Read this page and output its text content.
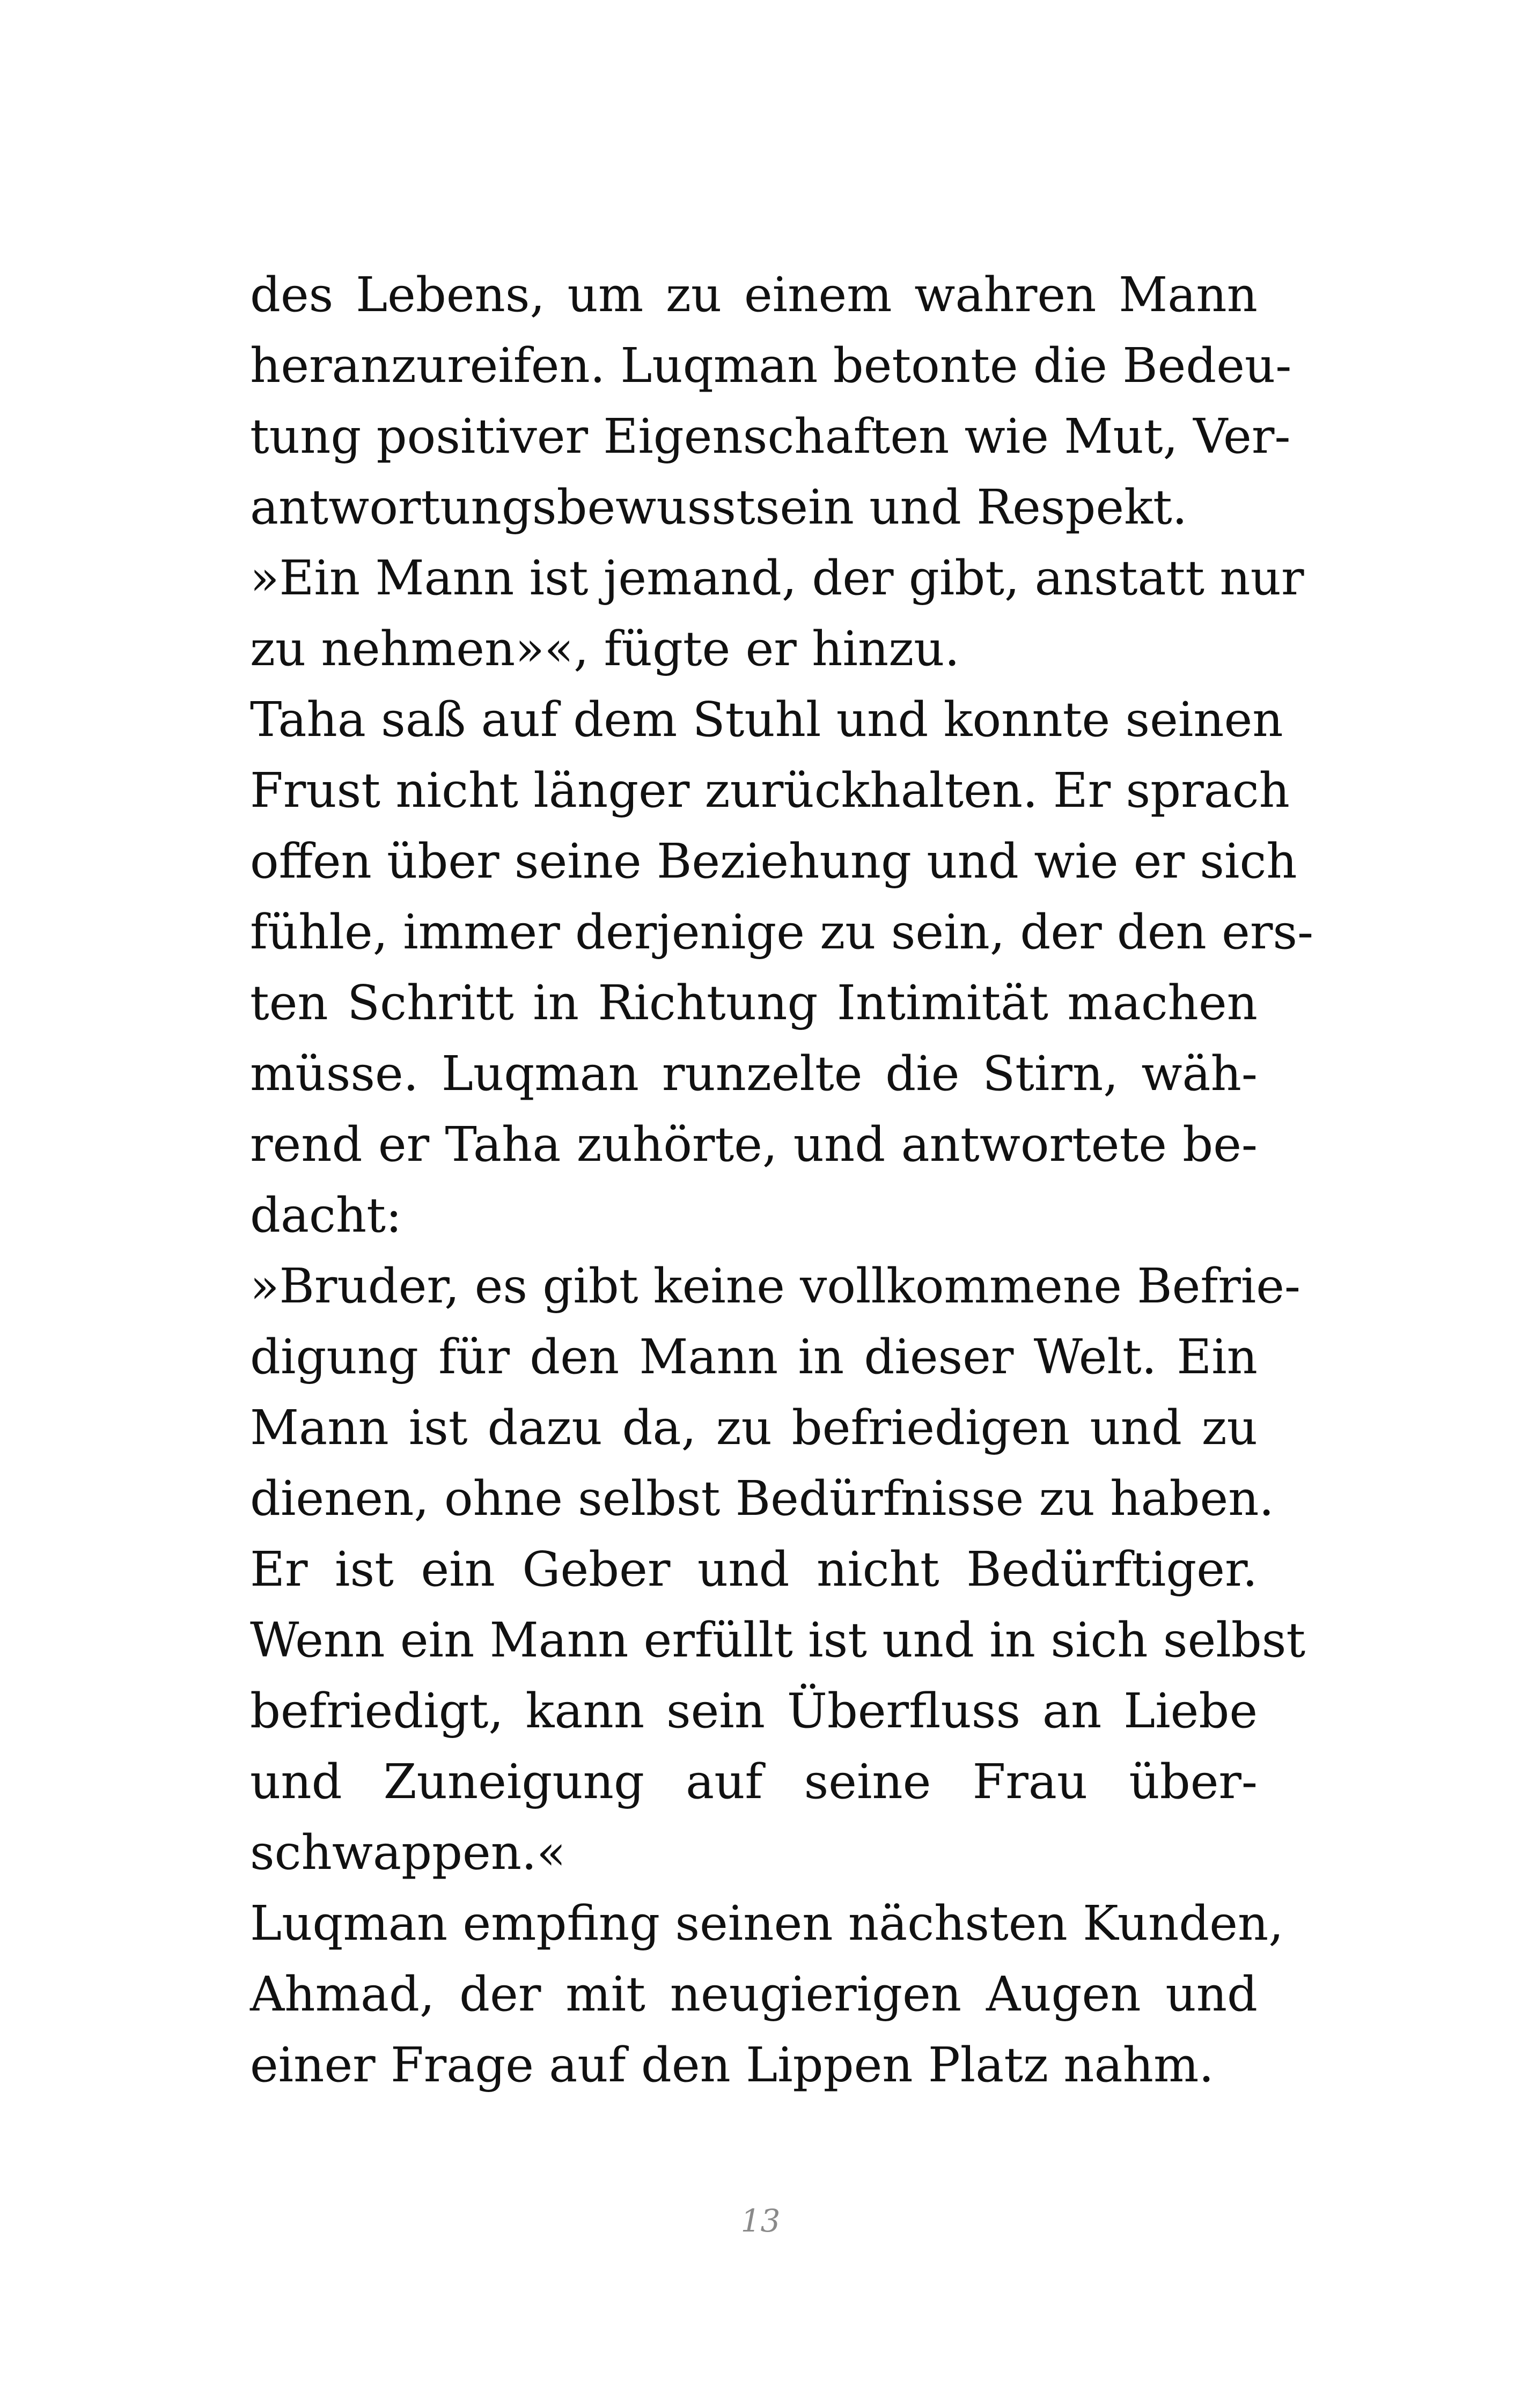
des Lebens, um zu einem wahren Mann
heranzureifen. Luqman betonte die Bedeu-
tung positiver Eigenschaften wie Mut, Ver-
antwortungsbewusstsein und Respekt.
»Ein Mann ist jemand, der gibt, anstatt nur
zu nehmen»«, fügte er hinzu.
Taha saß auf dem Stuhl und konnte seinen
Frust nicht länger zurückhalten. Er sprach
offen über seine Beziehung und wie er sich
fühle, immer derjenige zu sein, der den ers-
ten Schritt in Richtung Intimität machen
müsse. Luqman runzelte die Stirn, wäh-
rend er Taha zuhörte, und antwortete be-
dacht:
»Bruder, es gibt keine vollkommene Befrie-
digung für den Mann in dieser Welt. Ein
Mann ist dazu da, zu befriedigen und zu
dienen, ohne selbst Bedürfnisse zu haben.
Er ist ein Geber und nicht Bedürftiger.
Wenn ein Mann erfüllt ist und in sich selbst
befriedigt, kann sein Überfluss an Liebe
und Zuneigung auf seine Frau über-
schwappen.«
Luqman empfing seinen nächsten Kunden,
Ahmad, der mit neugierigen Augen und
einer Frage auf den Lippen Platz nahm.
13
